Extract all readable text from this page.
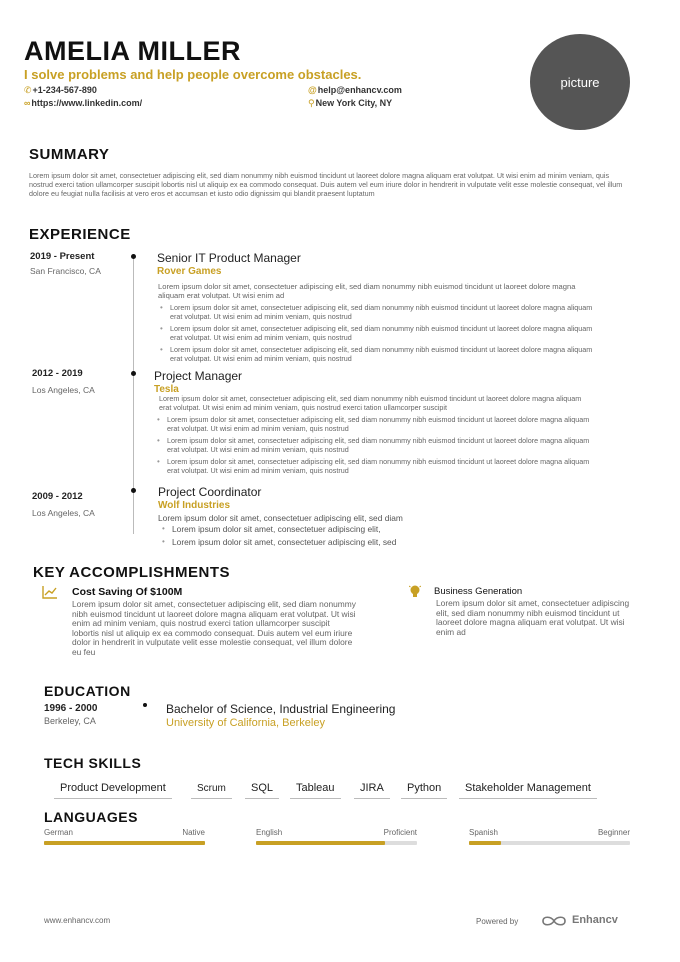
AMELIA MILLER
I solve problems and help people overcome obstacles.
✆+1-234-567-890	@help@enhancv.com
∞https://www.linkedin.com/	⚲New York City, NY
picture
SUMMARY
Lorem ipsum dolor sit amet, consectetuer adipiscing elit, sed diam nonummy nibh euismod tincidunt ut laoreet dolore magna aliquam erat volutpat. Ut wisi enim ad minim veniam, quis nostrud exerci tation ullamcorper suscipit lobortis nisl ut aliquip ex ea commodo consequat. Duis autem vel eum iriure dolor in hendrerit in vulputate velit esse molestie consequat, vel illum dolore eu feugiat nulla facilisis at vero eros et accumsan et iusto odio dignissim qui blandit praesent luptatum
EXPERIENCE
2019 - Present
San Francisco, CA
Senior IT Product Manager
Rover Games
Lorem ipsum dolor sit amet, consectetuer adipiscing elit, sed diam nonummy nibh euismod tincidunt ut laoreet dolore magna aliquam erat volutpat. Ut wisi enim ad
• Lorem ipsum dolor sit amet, consectetuer adipiscing elit, sed diam nonummy nibh euismod tincidunt ut laoreet dolore magna aliquam erat volutpat. Ut wisi enim ad minim veniam, quis nostrud
• Lorem ipsum dolor sit amet, consectetuer adipiscing elit, sed diam nonummy nibh euismod tincidunt ut laoreet dolore magna aliquam erat volutpat. Ut wisi enim ad minim veniam, quis nostrud
• Lorem ipsum dolor sit amet, consectetuer adipiscing elit, sed diam nonummy nibh euismod tincidunt ut laoreet dolore magna aliquam erat volutpat. Ut wisi enim ad minim veniam, quis nostrud
2012 - 2019
Los Angeles, CA
Project Manager
Tesla
Lorem ipsum dolor sit amet, consectetuer adipiscing elit, sed diam nonummy nibh euismod tincidunt ut laoreet dolore magna aliquam erat volutpat. Ut wisi enim ad minim veniam, quis nostrud exerci tation ullamcorper suscipit
• Lorem ipsum dolor sit amet, consectetuer adipiscing elit, sed diam nonummy nibh euismod tincidunt ut laoreet dolore magna aliquam erat volutpat. Ut wisi enim ad minim veniam, quis nostrud
• Lorem ipsum dolor sit amet, consectetuer adipiscing elit, sed diam nonummy nibh euismod tincidunt ut laoreet dolore magna aliquam erat volutpat. Ut wisi enim ad minim veniam, quis nostrud
• Lorem ipsum dolor sit amet, consectetuer adipiscing elit, sed diam nonummy nibh euismod tincidunt ut laoreet dolore magna aliquam erat volutpat. Ut wisi enim ad minim veniam, quis nostrud
2009 - 2012
Los Angeles, CA
Project Coordinator
Wolf Industries
Lorem ipsum dolor sit amet, consectetuer adipiscing elit, sed diam
• Lorem ipsum dolor sit amet, consectetuer adipiscing elit,
• Lorem ipsum dolor sit amet, consectetuer adipiscing elit, sed
KEY ACCOMPLISHMENTS
Cost Saving Of $100M
Lorem ipsum dolor sit amet, consectetuer adipiscing elit, sed diam nonummy nibh euismod tincidunt ut laoreet dolore magna aliquam erat volutpat. Ut wisi enim ad minim veniam, quis nostrud exerci tation ullamcorper suscipit lobortis nisl ut aliquip ex ea commodo consequat. Duis autem vel eum iriure dolor in hendrerit in vulputate velit esse molestie consequat, vel illum dolore eu feu
Business Generation
Lorem ipsum dolor sit amet, consectetuer adipiscing elit, sed diam nonummy nibh euismod tincidunt ut laoreet dolore magna aliquam erat volutpat. Ut wisi enim ad
EDUCATION
1996 - 2000
Berkeley, CA
Bachelor of Science, Industrial Engineering
University of California, Berkeley
TECH SKILLS
Product Development	Scrum	SQL	Tableau	JIRA	Python	Stakeholder Management
LANGUAGES
German	Native	English	Proficient	Spanish	Beginner
www.enhancv.com	Powered by	Enhancv
